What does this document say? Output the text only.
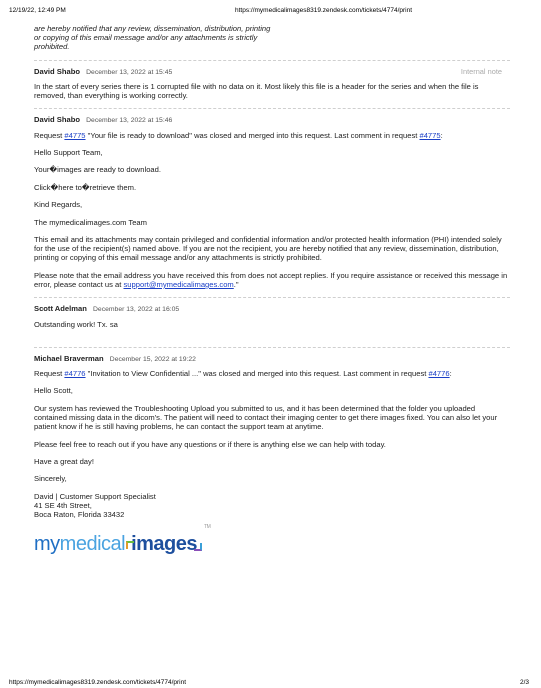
12/19/22, 12:49 PM	https://mymedicalimages8319.zendesk.com/tickets/4774/print
are hereby notified that any review, dissemination, distribution, printing
or copying of this email message and/or any attachments is strictly
prohibited.
David Shabo December 13, 2022 at 15:45	Internal note

In the start of every series there is 1 corrupted file with no data on it. Most likely this file is a header for the series and when the file is removed, than everything is working correctly.

David Shabo December 13, 2022 at 15:46

Request #4775 "Your file is ready to download" was closed and merged into this request. Last comment in request #4775:

Hello Support Team,

Your�images are ready to download.

Click�here to�retrieve them.

Kind Regards,

The mymedicalimages.com Team

This email and its attachments may contain privileged and confidential information and/or protected health information (PHI) intended solely for the use of the recipient(s) named above. If you are not the recipient, you are hereby notified that any review, dissemination, distribution, printing or copying of this email message and/or any attachments is strictly prohibited.

Please note that the email address you have received this from does not accept replies. If you require assistance or received this message in error, please contact us at support@mymedicalimages.com."

Scott Adelman December 13, 2022 at 16:05

Outstanding work! Tx. sa

Michael Braverman December 15, 2022 at 19:22

Request #4776 "Invitation to View Confidential ..." was closed and merged into this request. Last comment in request #4776:

Hello Scott,

Our system has reviewed the Troubleshooting Upload you submitted to us, and it has been determined that the folder you uploaded contained missing data in the dicom's. The patient will need to contact their imaging center to get there images fixed. You can also let your patient know if he is still having problems, he can contact the support team at anytime.

Please feel free to reach out if you have any questions or if there is anything else we can help with today.

Have a great day!

Sincerely,

David | Customer Support Specialist
41 SE 4th Street,
Boca Raton, Florida 33432
my medical images
TM
https://mymedicalimages8319.zendesk.com/tickets/4774/print	2/3
